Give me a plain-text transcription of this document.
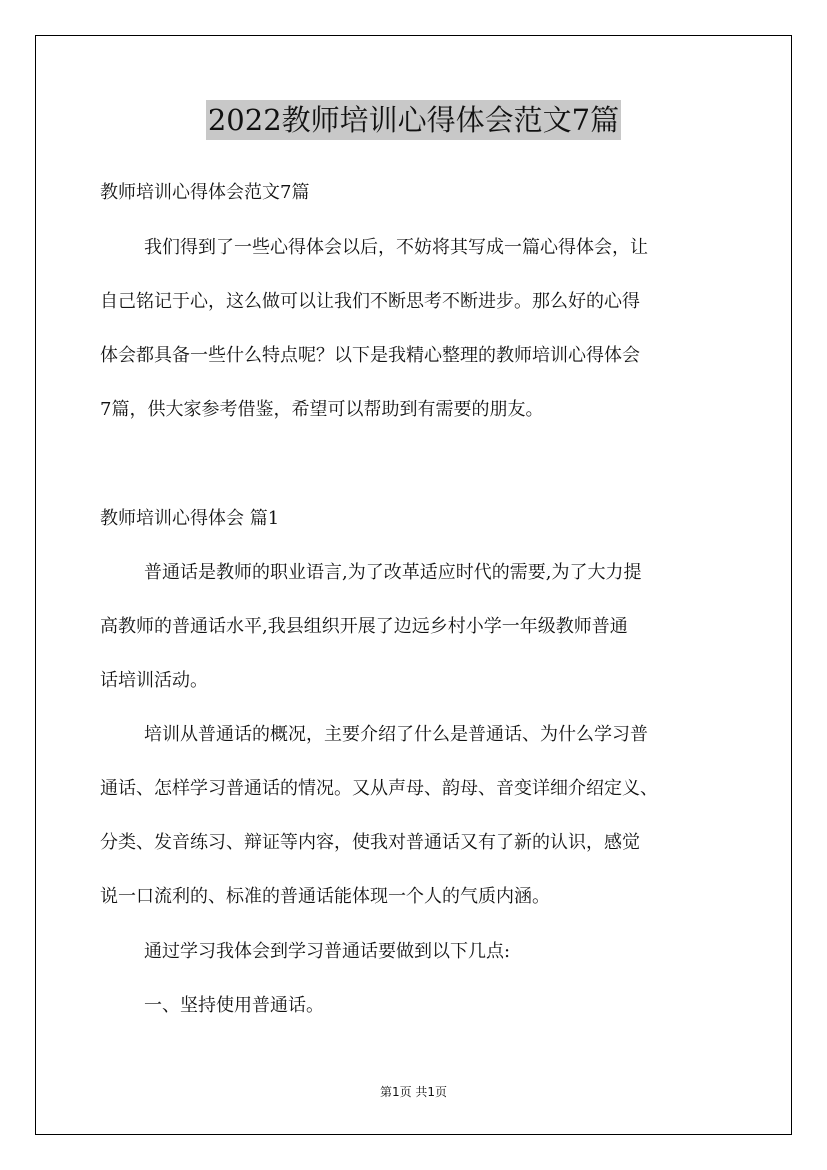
2022教师培训心得体会范文7篇
教师培训心得体会范文7篇
我们得到了一些心得体会以后，不妨将其写成一篇心得体会，让
自己铭记于心，这么做可以让我们不断思考不断进步。那么好的心得
体会都具备一些什么特点呢？以下是我精心整理的教师培训心得体会
7篇，供大家参考借鉴，希望可以帮助到有需要的朋友。
教师培训心得体会 篇1
普通话是教师的职业语言,为了改革适应时代的需要,为了大力提
高教师的普通话水平,我县组织开展了边远乡村小学一年级教师普通
话培训活动。
培训从普通话的概况，主要介绍了什么是普通话、为什么学习普
通话、怎样学习普通话的情况。又从声母、韵母、音变详细介绍定义、
分类、发音练习、辩证等内容，使我对普通话又有了新的认识，感觉
说一口流利的、标准的普通话能体现一个人的气质内涵。
通过学习我体会到学习普通话要做到以下几点:
一、坚持使用普通话。
第1页 共1页
